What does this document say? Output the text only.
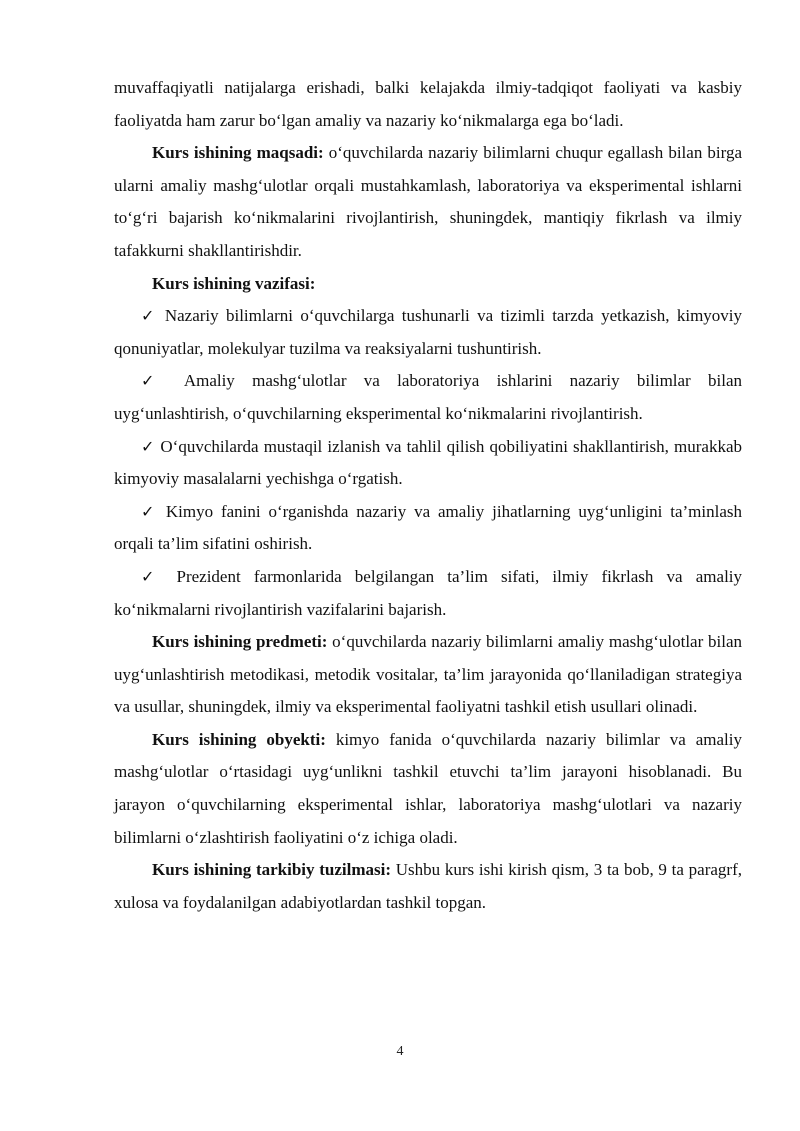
muvaffaqiyatli natijalarga erishadi, balki kelajakda ilmiy-tadqiqot faoliyati va kasbiy faoliyatda ham zarur bo‘lgan amaliy va nazariy ko‘nikmalarga ega bo‘ladi.

Kurs ishining maqsadi: o‘quvchilarda nazariy bilimlarni chuqur egallash bilan birga ularni amaliy mashg‘ulotlar orqali mustahkamlash, laboratoriya va eksperimental ishlarni to‘g‘ri bajarish ko‘nikmalarini rivojlantirish, shuningdek, mantiqiy fikrlash va ilmiy tafakkurni shakllantirishdir.

Kurs ishining vazifasi:

✓ Nazariy bilimlarni o‘quvchilarga tushunarli va tizimli tarzda yetkazish, kimyoviy qonuniyatlar, molekulyar tuzilma va reaksiyalarni tushuntirish.

✓ Amaliy mashg‘ulotlar va laboratoriya ishlarini nazariy bilimlar bilan uyg‘unlashtirish, o‘quvchilarning eksperimental ko‘nikmalarini rivojlantirish.

✓ O‘quvchilarda mustaqil izlanish va tahlil qilish qobiliyatini shakllantirish, murakkab kimyoviy masalalarni yechishga o‘rgatish.

✓ Kimyo fanini o‘rganishda nazariy va amaliy jihatlarning uyg‘unligini ta’minlash orqali ta’lim sifatini oshirish.

✓ Prezident farmonlarida belgilangan ta’lim sifati, ilmiy fikrlash va amaliy ko‘nikmalarni rivojlantirish vazifalarini bajarish.

Kurs ishining predmeti: o‘quvchilarda nazariy bilimlarni amaliy mashg‘ulotlar bilan uyg‘unlashtirish metodikasi, metodik vositalar, ta’lim jarayonida qo‘llaniladigan strategiya va usullar, shuningdek, ilmiy va eksperimental faoliyatni tashkil etish usullari olinadi.

Kurs ishining obyekti: kimyo fanida o‘quvchilarda nazariy bilimlar va amaliy mashg‘ulotlar o‘rtasidagi uyg‘unlikni tashkil etuvchi ta’lim jarayoni hisoblanadi. Bu jarayon o‘quvchilarning eksperimental ishlar, laboratoriya mashg‘ulotlari va nazariy bilimlarni o‘zlashtirish faoliyatini o‘z ichiga oladi.

Kurs ishining tarkibiy tuzilmasi: Ushbu kurs ishi kirish qism, 3 ta bob, 9 ta paragrf, xulosa va foydalanilgan adabiyotlardan tashkil topgan.

4
